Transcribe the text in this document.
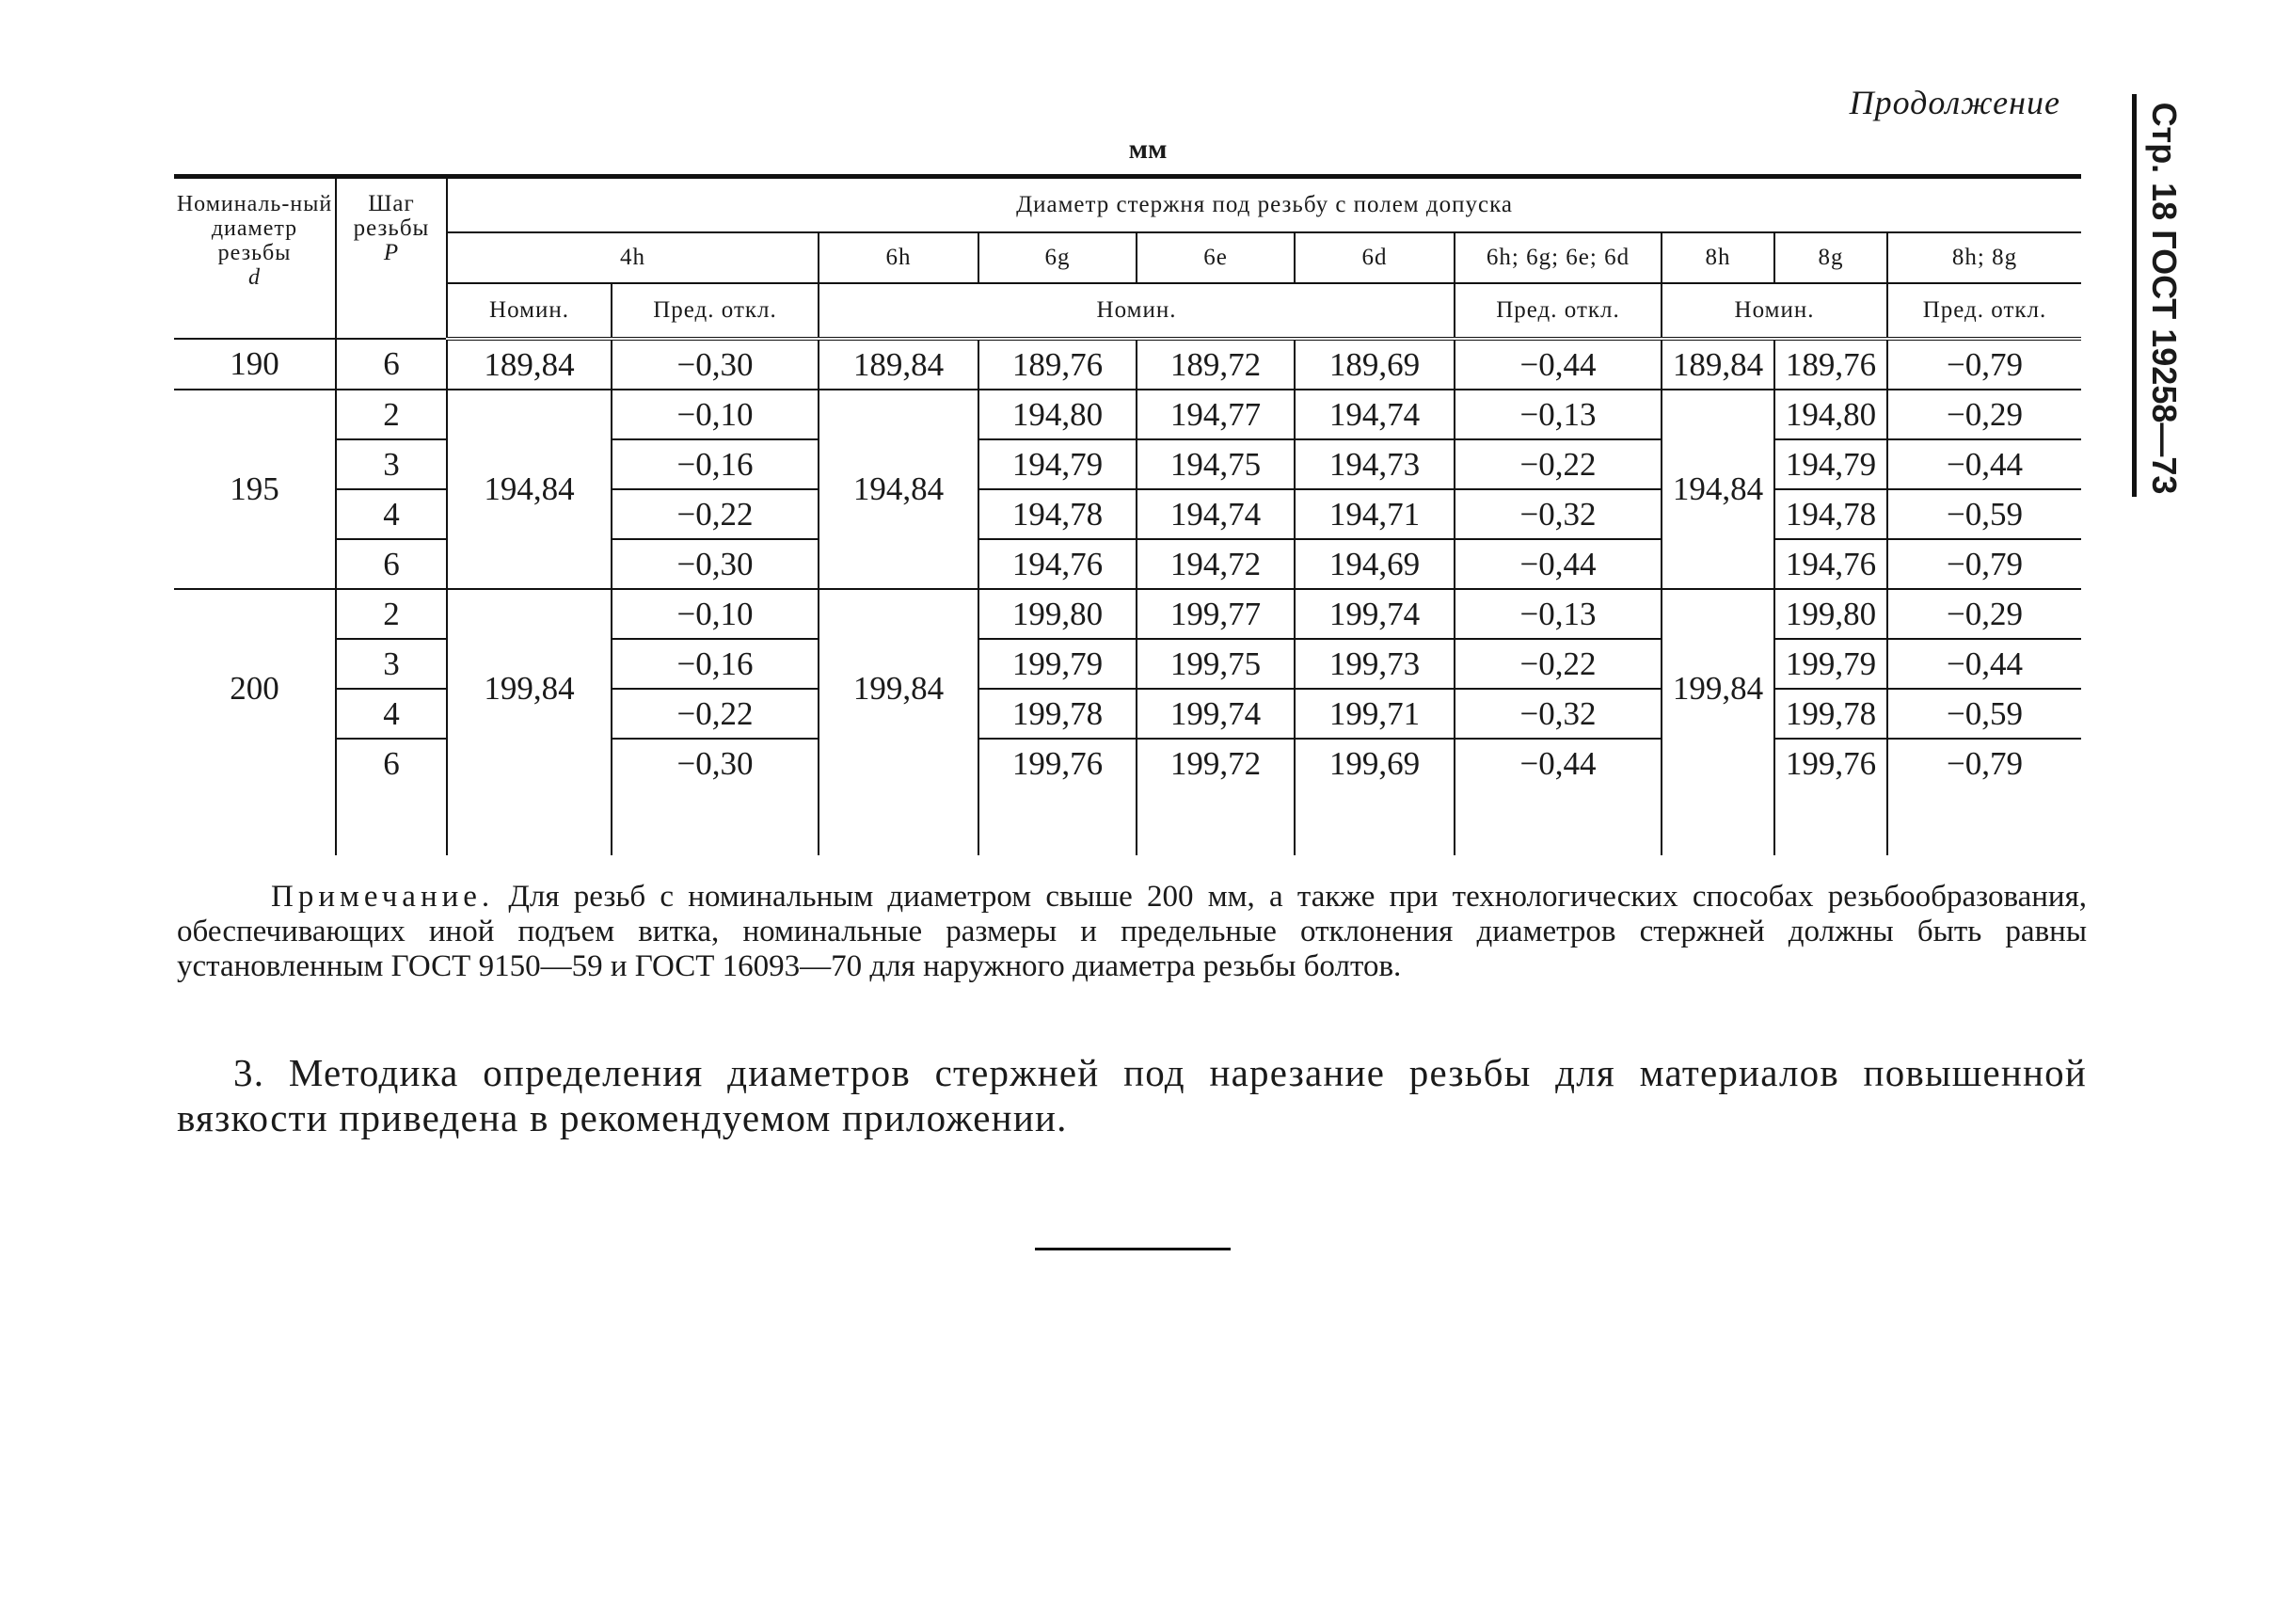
Продолжение	Стр. 18 ГОСТ 19258—73
мм
Номиналь-ный диаметр резьбы
d	Шаг резьбы
P	Диаметр стержня под резьбу с полем допуска									
		4h		6h	6g	6e	6d	6h; 6g; 6e; 6d	8h	8g	8h; 8g
		Номин.	Пред. откл.	Номин.				Пред. откл.	Номин.		Пред. откл.
190	6	189,84	−0,30	189,84	189,76	189,72	189,69	−0,44	189,84	189,76	−0,79
195	2	194,84	−0,10	194,84	194,80	194,77	194,74	−0,13	194,84	194,80	−0,29
	3		−0,16		194,79	194,75	194,73	−0,22		194,79	−0,44
	4		−0,22		194,78	194,74	194,71	−0,32		194,78	−0,59
	6		−0,30		194,76	194,72	194,69	−0,44		194,76	−0,79
200	2	199,84	−0,10	199,84	199,80	199,77	199,74	−0,13	199,84	199,80	−0,29
	3		−0,16		199,79	199,75	199,73	−0,22		199,79	−0,44
	4		−0,22		199,78	199,74	199,71	−0,32		199,78	−0,59
	6		−0,30		199,76	199,72	199,69	−0,44		199,76	−0,79

Примечание. Для резьб с номинальным диаметром свыше 200 мм, а также при технологических способах резьбообразования, обеспечивающих иной подъем витка, номинальные размеры и предельные отклонения диаметров стержней должны быть равны установленным ГОСТ 9150—59 и ГОСТ 16093—70 для наружного диаметра резьбы болтов.
3. Методика определения диаметров стержней под нарезание резьбы для материалов повышенной вязкости приведена в рекомендуемом приложении.
